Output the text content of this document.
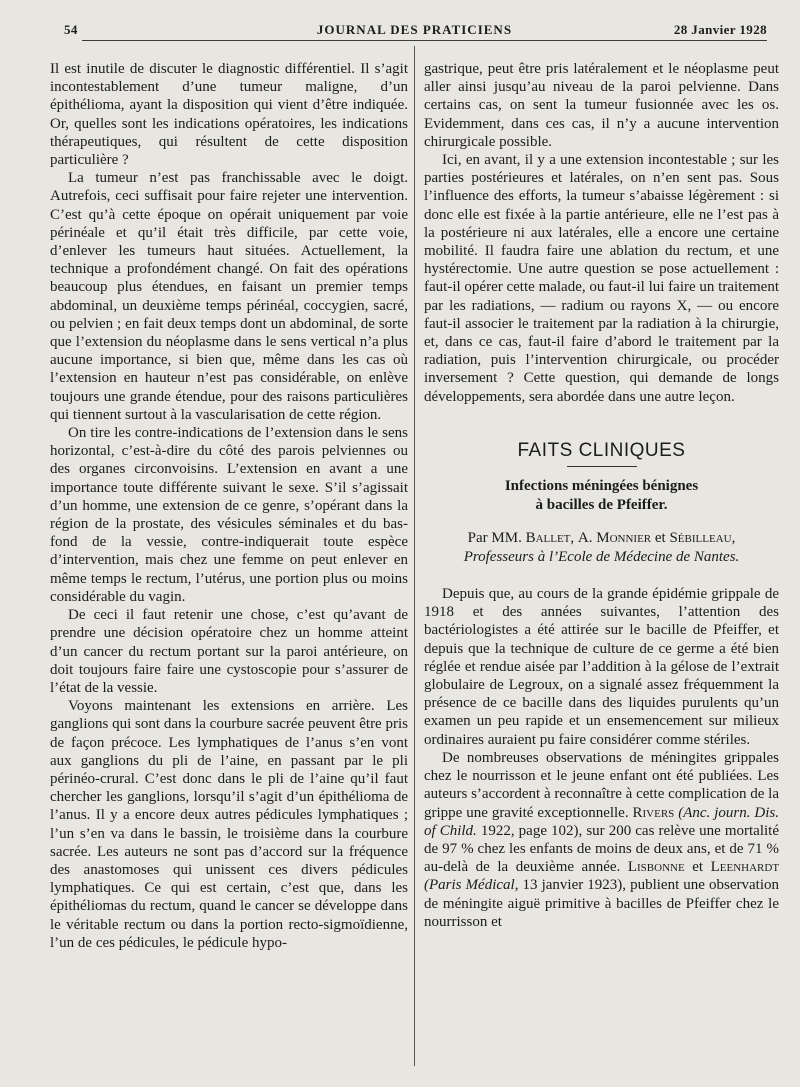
54	JOURNAL DES PRATICIENS	28 Janvier 1928

Il est inutile de discuter le diagnostic différentiel. Il s’agit incontestablement d’une tumeur maligne, d’un épithélioma, ayant la disposition qui vient d’être indiquée. Or, quelles sont les indications opératoires, les indications thérapeutiques, qui résultent de cette disposition particulière ?

La tumeur n’est pas franchissable avec le doigt. Autrefois, ceci suffisait pour faire rejeter une intervention. C’est qu’à cette époque on opérait uniquement par voie périnéale et qu’il était très difficile, par cette voie, d’enlever les tumeurs haut situées. Actuellement, la technique a profondément changé. On fait des opérations beaucoup plus étendues, en faisant un premier temps abdominal, un deuxième temps périnéal, coccygien, sacré, ou pelvien ; en fait deux temps dont un abdominal, de sorte que l’extension du néoplasme dans le sens vertical n’a plus aucune importance, si bien que, même dans les cas où l’extension en hauteur n’est pas considérable, on enlève toujours une grande étendue, pour des raisons particulières qui tiennent surtout à la vascularisation de cette région.

On tire les contre-indications de l’extension dans le sens horizontal, c’est-à-dire du côté des parois pelviennes ou des organes circonvoisins. L’extension en avant a une importance toute différente suivant le sexe. S’il s’agissait d’un homme, une extension de ce genre, s’opérant dans la région de la prostate, des vésicules séminales et du bas-fond de la vessie, contre-indiquerait toute espèce d’intervention, mais chez une femme on peut enlever en même temps le rectum, l’utérus, une portion plus ou moins considérable du vagin.

De ceci il faut retenir une chose, c’est qu’avant de prendre une décision opératoire chez un homme atteint d’un cancer du rectum portant sur la paroi antérieure, on doit toujours faire faire une cystoscopie pour s’assurer de l’état de la vessie.

Voyons maintenant les extensions en arrière. Les ganglions qui sont dans la courbure sacrée peuvent être pris de façon précoce. Les lymphatiques de l’anus s’en vont aux ganglions du pli de l’aine, en passant par le pli périnéo-crural. C’est donc dans le pli de l’aine qu’il faut chercher les ganglions, lorsqu’il s’agit d’un épithélioma de l’anus. Il y a encore deux autres pédicules lymphatiques ; l’un s’en va dans le bassin, le troisième dans la courbure sacrée. Les auteurs ne sont pas d’accord sur la fréquence des anastomoses qui unissent ces divers pédicules lymphatiques. Ce qui est certain, c’est que, dans les épithéliomas du rectum, quand le cancer se développe dans le véritable rectum ou dans la portion recto-sigmoïdienne, l’un de ces pédicules, le pédicule hypo-

gastrique, peut être pris latéralement et le néoplasme peut aller ainsi jusqu’au niveau de la paroi pelvienne. Dans certains cas, on sent la tumeur fusionnée avec les os. Evidemment, dans ces cas, il n’y a aucune intervention chirurgicale possible.

Ici, en avant, il y a une extension incontestable ; sur les parties postérieures et latérales, on n’en sent pas. Sous l’influence des efforts, la tumeur s’abaisse légèrement : si donc elle est fixée à la partie antérieure, elle ne l’est pas à la postérieure ni aux latérales, elle a encore une certaine mobilité. Il faudra faire une ablation du rectum, et une hystérectomie. Une autre question se pose actuellement : faut-il opérer cette malade, ou faut-il lui faire un traitement par les radiations, — radium ou rayons X, — ou encore faut-il associer le traitement par la radiation à la chirurgie, et, dans ce cas, faut-il faire d’abord le traitement par la radiation, puis l’intervention chirurgicale, ou procéder inversement ? Cette question, qui demande de longs développements, sera abordée dans une autre leçon.

FAITS CLINIQUES
Infections méningées bénignes
à bacilles de Pfeiffer.
Par MM. Ballet, A. Monnier et Sébilleau,
Professeurs à l’Ecole de Médecine de Nantes.

Depuis que, au cours de la grande épidémie grippale de 1918 et des années suivantes, l’attention des bactériologistes a été attirée sur le bacille de Pfeiffer, et depuis que la technique de culture de ce germe a été bien réglée et rendue aisée par l’addition à la gélose de l’extrait globulaire de Legroux, on a signalé assez fréquemment la présence de ce bacille dans des liquides purulents qu’un examen un peu rapide et un ensemencement sur milieux ordinaires auraient pu faire considérer comme stériles.

De nombreuses observations de méningites grippales chez le nourrisson et le jeune enfant ont été publiées. Les auteurs s’accordent à reconnaître à cette complication de la grippe une gravité exceptionnelle. Rivers (Anc. journ. Dis. of Child. 1922, page 102), sur 200 cas relève une mortalité de 97 % chez les enfants de moins de deux ans, et de 71 % au-delà de la deuxième année. Lisbonne et Leenhardt (Paris Médical, 13 janvier 1923), publient une observation de méningite aiguë primitive à bacilles de Pfeiffer chez le nourrisson et
